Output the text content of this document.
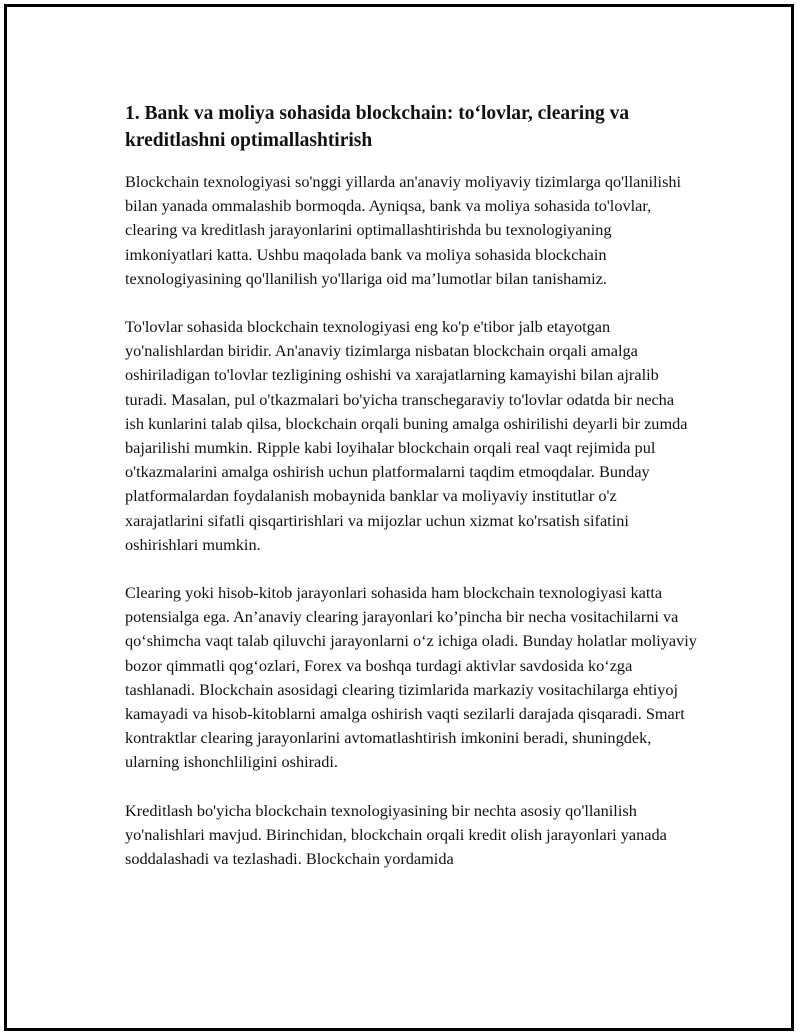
1. Bank va moliya sohasida blockchain: to‘lovlar, clearing va kreditlashni optimallashtirish

Blockchain texnologiyasi so'nggi yillarda an'anaviy moliyaviy tizimlarga qo'llanilishi bilan yanada ommalashib bormoqda. Ayniqsa, bank va moliya sohasida to'lovlar, clearing va kreditlash jarayonlarini optimallashtirishda bu texnologiyaning imkoniyatlari katta. Ushbu maqolada bank va moliya sohasida blockchain texnologiyasining qo'llanilish yo'llariga oid ma’lumotlar bilan tanishamiz.

To'lovlar sohasida blockchain texnologiyasi eng ko'p e'tibor jalb etayotgan yo'nalishlardan biridir. An'anaviy tizimlarga nisbatan blockchain orqali amalga oshiriladigan to'lovlar tezligining oshishi va xarajatlarning kamayishi bilan ajralib turadi. Masalan, pul o'tkazmalari bo'yicha transchegaraviy to'lovlar odatda bir necha ish kunlarini talab qilsa, blockchain orqali buning amalga oshirilishi deyarli bir zumda bajarilishi mumkin. Ripple kabi loyihalar blockchain orqali real vaqt rejimida pul o'tkazmalarini amalga oshirish uchun platformalarni taqdim etmoqdalar. Bunday platformalardan foydalanish mobaynida banklar va moliyaviy institutlar o'z xarajatlarini sifatli qisqartirishlari va mijozlar uchun xizmat ko'rsatish sifatini oshirishlari mumkin.

Clearing yoki hisob-kitob jarayonlari sohasida ham blockchain texnologiyasi katta potensialga ega. An’anaviy clearing jarayonlari ko’pincha bir necha vositachilarni va qo‘shimcha vaqt talab qiluvchi jarayonlarni o‘z ichiga oladi. Bunday holatlar moliyaviy bozor qimmatli qog‘ozlari, Forex va boshqa turdagi aktivlar savdosida ko‘zga tashlanadi. Blockchain asosidagi clearing tizimlarida markaziy vositachilarga ehtiyoj kamayadi va hisob-kitoblarni amalga oshirish vaqti sezilarli darajada qisqaradi. Smart kontraktlar clearing jarayonlarini avtomatlashtirish imkonini beradi, shuningdek, ularning ishonchliligini oshiradi.

Kreditlash bo'yicha blockchain texnologiyasining bir nechta asosiy qo'llanilish yo'nalishlari mavjud. Birinchidan, blockchain orqali kredit olish jarayonlari yanada soddalashadi va tezlashadi. Blockchain yordamida
